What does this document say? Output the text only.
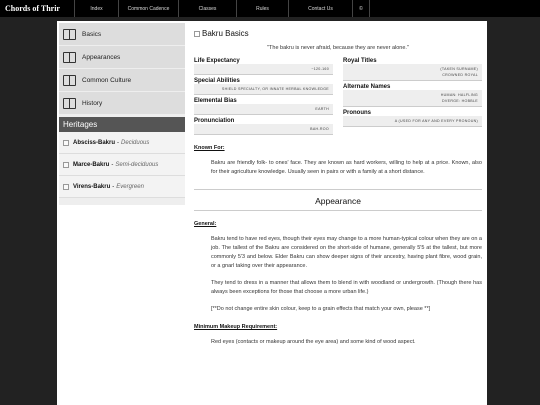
Chords of Thrir	Index	Common Cadence	Classes	Rules	Contact Us	©
Basics
Appearances
Common Culture
History
Heritages
Absciss-Bakru - Deciduous
Marce-Bakru - Semi-deciduous
Virens-Bakru - Evergreen
Bakru Basics
"The bakru is never afraid, because they are never alone."
Life Expectancy
~120-160
Special Abilities
SHIELD SPECIALTY, OR INNATE HERBAL KNOWLEDGE
Elemental Bias
EARTH
Pronunciation
BAH-ROO
Royal Titles
(TAKEN SURNAME)
CROWNED ROYAL
Alternate Names
HUMAN: HALFLING
DVERGE: HOBBLE
Pronouns
A (USED FOR ANY AND EVERY PRONOUN)
Known For:
Bakru are friendly folk- to ones' face. They are known as hard workers, willing to help at a price. Known, also for their agriculture knowledge. Usually seen in pairs or with a family at a short distance.
Appearance
General:
Bakru tend to have red eyes, though their eyes may change to a more human-typical colour when they are on a job. The tallest of the Bakru are considered on the short-side of humane, generally 5'5 at the tallest, but more commonly 5'3 and below. Elder Bakru can show deeper signs of their ancestry, having plant fibre, wood grain, or a gnarl taking over their appearance.
They tend to dress in a manner that allows them to blend in with woodland or undergrowth. (Though there has always been exceptions for those that choose a more urban life.)
[**Do not change entire skin colour, keep to a grain effects that match your own, please **]
Minimum Makeup Requirement:
Red eyes (contacts or makeup around the eye area) and some kind of wood aspect.
